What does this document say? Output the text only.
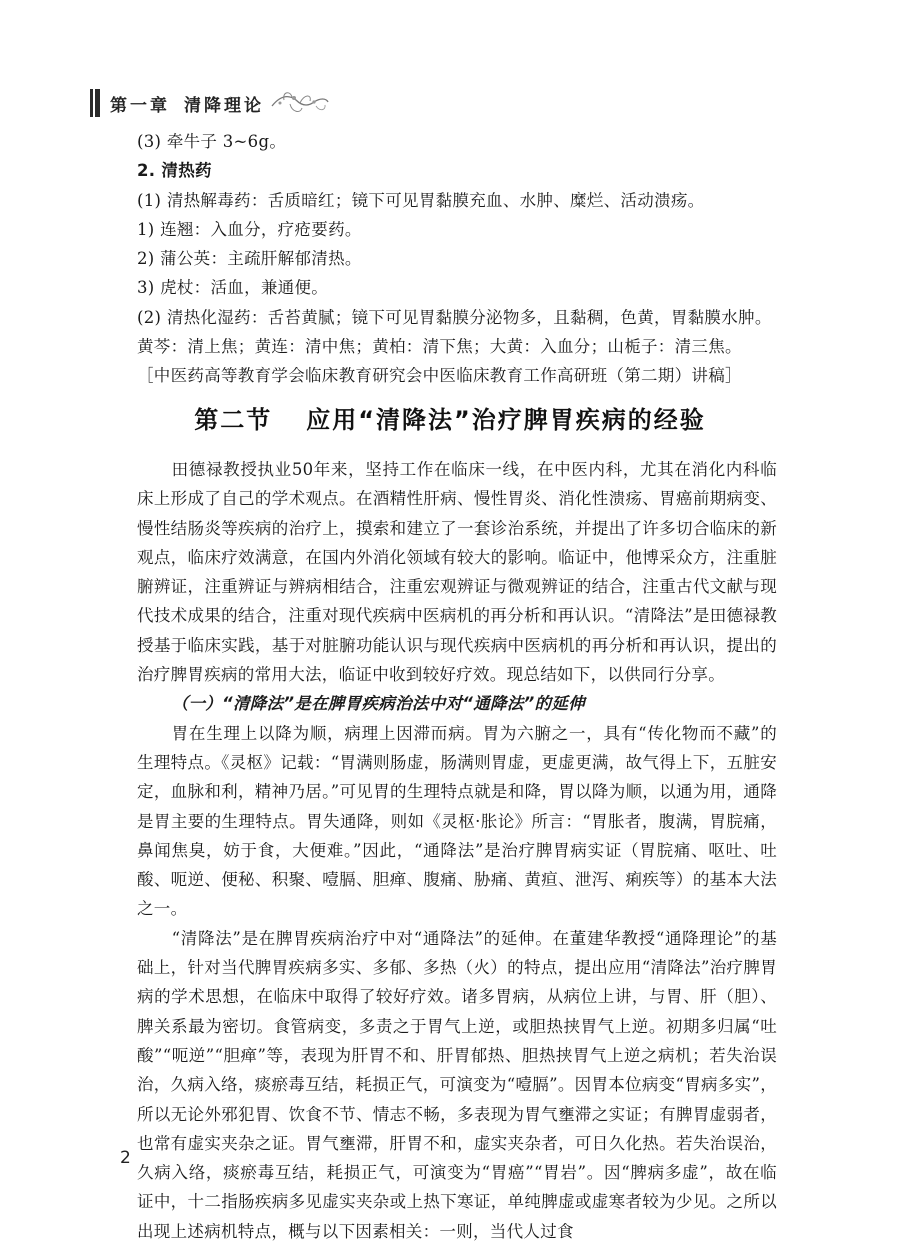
第一章 清降理论

(3) 牵牛子 3~6g。

2. 清热药

(1) 清热解毒药：舌质暗红；镜下可见胃黏膜充血、水肿、糜烂、活动溃疡。

1) 连翘：入血分，疗疮要药。

2) 蒲公英：主疏肝解郁清热。

3) 虎杖：活血，兼通便。

(2) 清热化湿药：舌苔黄腻；镜下可见胃黏膜分泌物多，且黏稠，色黄，胃黏膜水肿。

黄芩：清上焦；黄连：清中焦；黄柏：清下焦；大黄：入血分；山栀子：清三焦。

［中医药高等教育学会临床教育研究会中医临床教育工作高研班（第二期）讲稿］

第二节 应用“清降法”治疗脾胃疾病的经验

田德禄教授执业50年来，坚持工作在临床一线，在中医内科，尤其在消化内科临床上形成了自己的学术观点。在酒精性肝病、慢性胃炎、消化性溃疡、胃癌前期病变、慢性结肠炎等疾病的治疗上，摸索和建立了一套诊治系统，并提出了许多切合临床的新观点，临床疗效满意，在国内外消化领域有较大的影响。临证中，他博采众方，注重脏腑辨证，注重辨证与辨病相结合，注重宏观辨证与微观辨证的结合，注重古代文献与现代技术成果的结合，注重对现代疾病中医病机的再分析和再认识。“清降法”是田德禄教授基于临床实践，基于对脏腑功能认识与现代疾病中医病机的再分析和再认识，提出的治疗脾胃疾病的常用大法，临证中收到较好疗效。现总结如下，以供同行分享。

（一）“清降法”是在脾胃疾病治法中对“通降法”的延伸

胃在生理上以降为顺，病理上因滞而病。胃为六腑之一，具有“传化物而不藏”的生理特点。《灵枢》记载：“胃满则肠虚，肠满则胃虚，更虚更满，故气得上下，五脏安定，血脉和利，精神乃居。”可见胃的生理特点就是和降，胃以降为顺，以通为用，通降是胃主要的生理特点。胃失通降，则如《灵枢·胀论》所言：“胃胀者，腹满，胃脘痛，鼻闻焦臭，妨于食，大便难。”因此，“通降法”是治疗脾胃病实证（胃脘痛、呕吐、吐酸、呃逆、便秘、积聚、噎膈、胆瘅、腹痛、胁痛、黄疸、泄泻、痢疾等）的基本大法之一。

“清降法”是在脾胃疾病治疗中对“通降法”的延伸。在董建华教授“通降理论”的基础上，针对当代脾胃疾病多实、多郁、多热（火）的特点，提出应用“清降法”治疗脾胃病的学术思想，在临床中取得了较好疗效。诸多胃病，从病位上讲，与胃、肝（胆）、脾关系最为密切。食管病变，多责之于胃气上逆，或胆热挟胃气上逆。初期多归属“吐酸”“呃逆”“胆瘅”等，表现为肝胃不和、肝胃郁热、胆热挟胃气上逆之病机；若失治误治，久病入络，痰瘀毒互结，耗损正气，可演变为“噎膈”。因胃本位病变“胃病多实”，所以无论外邪犯胃、饮食不节、情志不畅，多表现为胃气壅滞之实证；有脾胃虚弱者，也常有虚实夹杂之证。胃气壅滞，肝胃不和，虚实夹杂者，可日久化热。若失治误治，久病入络，痰瘀毒互结，耗损正气，可演变为“胃癌”“胃岩”。因“脾病多虚”，故在临证中，十二指肠疾病多见虚实夹杂或上热下寒证，单纯脾虚或虚寒者较为少见。之所以出现上述病机特点，概与以下因素相关：一则，当代人过食

2
